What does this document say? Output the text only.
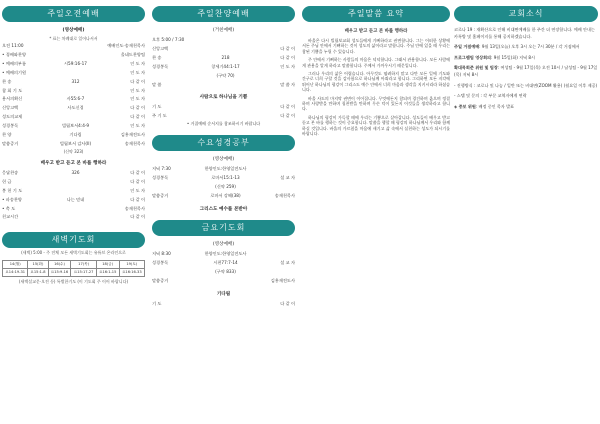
주일오전예배
(영상예배)
* 표는 차례대로 일어나서서
오전 11:00	예배인도·송재천목사
• 경배와찬양	올네드찬양팀
• 예배의부름	시59:16-17	인 도 자
• 예배의기원	인 도 자
찬 송	312	다 같 이
참 회 기 도	인 도 자
용서의확신	사55:6-7	인 도 자
신앙고백	사도신경	다 같 이
성도의교제	다 같 이
성경봉독	빌립보서4:4-9	인 도 자
찬 양	기다림	김홍재전도사
말씀증거	빌립보서 감사(II)	송재천목사
(신약 323)
배우고 받고 듣고 본 바를 행하라
응답찬송	326	다 같 이
헌 금	다 같 이
봉 헌 기 도	인 도 자
• 파송찬양	나는 믿네	다 같 이
• 축 도	송재천목사
친교시간	다 같 이
새벽기도회
(새벽) 5:00 - 주 전체 모든 새벽기도회는 유튜브 온라인으로
14(월)	15(화)	16(수)	17(목)	18(금)	19(토)
요14:19-31	요15:1-8	요15:9-16	요15:17-27	요16:1-15	요16:16-33
(새벽설교문·오전 등) 특별한기도 (이 기도회 주 이어 바랍니다)
주일찬양예배
(거친예배)
오후 5:00 / 7:30
신앙고백	다 같 이
찬 송	218	다 같 이
성경봉독	창세기44:1-17	인 도 자
(구약 70)
말 씀	말 씀 자
사람으로 하나님을 기쁨
기 도	다 같 이
주 기 도	다 같 이
• 거집예배 순서지를 참조하시기 바랍니다
수요성경공부
(영상예배)
저녁 7:30	한양인도:한영일전도사
성경봉독	로마서15:1-13	설 교 자
(신약 259)
말씀증거	로마서 강해(38)	송재천목사
그리스도 예수를 본받아
금요기도회
(영상예배)
저녁 8:30	한양인도:한영일전도사
성경봉독	시편77:7-14	설 교 자
(구약 833)
말씀증거	김홍재전도사
기다림
기 도	다 같 이
주일말씀 요약
배우고 받고 듣고 본 바를 행하라

바울은 다시 빌립보교회 성도들에게 기뻐하라고 권면합니다. 그는 어떠한 상황에서든 주님 안에서 기뻐하는 것이 성도의 삶이라고 말합니다. 주님 안에 있을 때 우리는 참된 기쁨을 누릴 수 있습니다.

주 안에서 기뻐하는 사람들의 마음은 넉넉합니다. 그래서 관용합니다. 모든 사람에게 관용을 알게 하라고 말씀합니다. 주께서 가까우시기 때문입니다.

그러나 우리의 삶은 어렵습니다. 아무것도 염려하지 말고 다만 모든 일에 기도와 간구로 너희 구할 것을 감사함으로 하나님께 아뢰라고 합니다. 그리하면 모든 지각에 뛰어난 하나님의 평강이 그리스도 예수 안에서 너희 마음과 생각을 지키시리라 하셨습니다.

바울 사도의 마지막 권면이 이어집니다. 무엇에든지 참되며 경건하며 옳으며 정결하며 사랑받을 만하며 칭찬받을 만하며 무슨 덕이 있든지 이것들을 생각하라고 합니다.

하나님의 평강이 가득할 때에 우리는 기쁨으로 살아갑니다. 성도들이 배우고 받고 듣고 본 바를 행하는 것이 중요합니다. 말씀을 행할 때 평강의 하나님께서 우리와 함께 하실 것입니다. 바울의 가르침을 마음에 새기고 삶 속에서 실천하는 성도가 되시기를 바랍니다.

교회소식
코로나 19 : 재확산으로 인해 비대면예배를 한 주간 더 연장합니다. 예배 안내는 카톡방 및 홈페이지를 통해 공지하겠습니다.
주일 거점예배: 9월 13일(오늘) 오후 3시 오는 7시 30분 / 각 거점에서
프로그램팀 영상회의: 9월 15일(화) 저녁 8시
확대목회준 위원 및 팀장: 여성팀 - 9월 17일(목) 오전 10시 / 남성팀 - 9월 17일(목) 저녁 8시
- 진행방식 : 코로나 및 나눔 / 일반 또는 비대면(ZOOM 활용) (월요일 이후 제공)
- 스탭 및 문의 : 각 부문 교역자에게 연락
◈ 중보 위원: 배정 중인 목자 발표
